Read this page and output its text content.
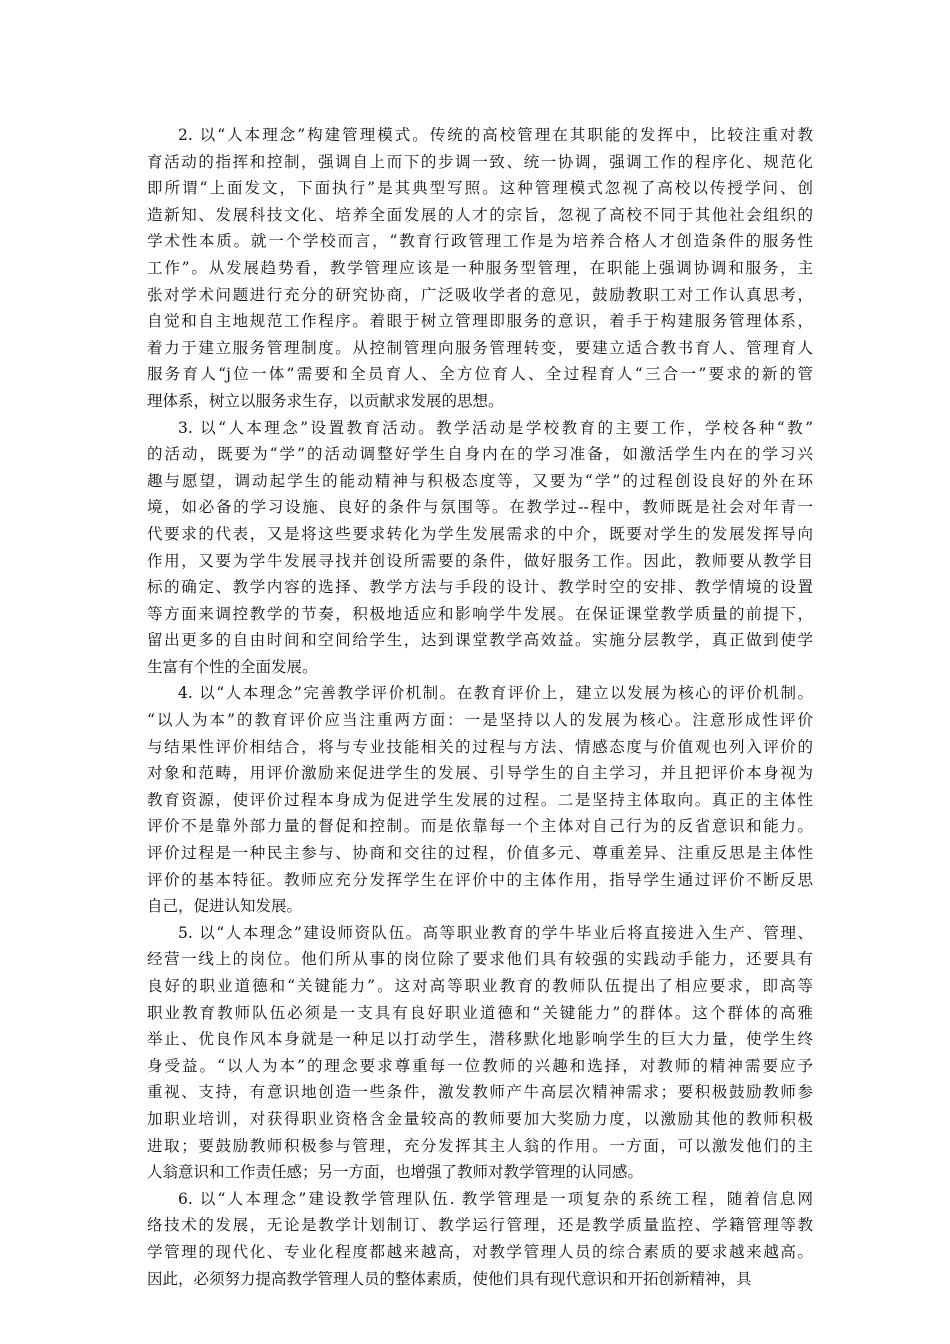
2. 以“人本理念”构建管理模式。传统的高校管理在其职能的发挥中，比较注重对教
育活动的指挥和控制，强调自上而下的步调一致、统一协调，强调工作的程序化、规范化
即所谓“上面发文，下面执行”是其典型写照。这种管理模式忽视了高校以传授学问、创
造新知、发展科技文化、培养全面发展的人才的宗旨，忽视了高校不同于其他社会组织的
学术性本质。就一个学校而言，“教育行政管理工作是为培养合格人才创造条件的服务性
工作”。从发展趋势看，教学管理应该是一种服务型管理，在职能上强调协调和服务，主
张对学术问题进行充分的研究协商，广泛吸收学者的意见，鼓励教职工对工作认真思考，
自觉和自主地规范工作程序。着眼于树立管理即服务的意识，着手于构建服务管理体系，
着力于建立服务管理制度。从控制管理向服务管理转变，要建立适合教书育人、管理育人
服务育人“j位一体”需要和全员育人、全方位育人、全过程育人“三合一”要求的新的管
理体系，树立以服务求生存，以贡献求发展的思想。
3. 以“人本理念”设置教育活动。教学活动是学校教育的主要工作，学校各种“教”
的活动，既要为“学”的活动调整好学生自身内在的学习准备，如激活学生内在的学习兴
趣与愿望，调动起学生的能动精神与积极态度等，又要为“学”的过程创设良好的外在环
境，如必备的学习设施、良好的条件与氛围等。在教学过--程中，教师既是社会对年青一
代要求的代表，又是将这些要求转化为学生发展需求的中介，既要对学生的发展发挥导向
作用，又要为学牛发展寻找并创设所需要的条件，做好服务工作。因此，教师要从教学目
标的确定、教学内容的选择、教学方法与手段的设计、教学时空的安排、教学情境的设置
等方面来调控教学的节奏，积极地适应和影响学牛发展。在保证课堂教学质量的前提下，
留出更多的自由时间和空间给学生，达到课堂教学高效益。实施分层教学，真正做到使学
生富有个性的全面发展。
4. 以“人本理念”完善教学评价机制。在教育评价上，建立以发展为核心的评价机制。
“以人为本”的教育评价应当注重两方面：一是坚持以人的发展为核心。注意形成性评价
与结果性评价相结合，将与专业技能相关的过程与方法、情感态度与价值观也列入评价的
对象和范畴，用评价激励来促进学生的发展、引导学生的自主学习，并且把评价本身视为
教育资源，使评价过程本身成为促进学生发展的过程。二是坚持主体取向。真正的主体性
评价不是靠外部力量的督促和控制。而是依靠每一个主体对自己行为的反省意识和能力。
评价过程是一种民主参与、协商和交往的过程，价值多元、尊重差异、注重反思是主体性
评价的基本特征。教师应充分发挥学生在评价中的主体作用，指导学生通过评价不断反思
自己，促进认知发展。
5. 以“人本理念”建设师资队伍。高等职业教育的学牛毕业后将直接进入生产、管理、
经营一线上的岗位。他们所从事的岗位除了要求他们具有较强的实践动手能力，还要具有
良好的职业道德和“关键能力”。这对高等职业教育的教师队伍提出了相应要求，即高等
职业教育教师队伍必须是一支具有良好职业道德和“关键能力”的群体。这个群体的高雅
举止、优良作风本身就是一种足以打动学生，潜移默化地影响学生的巨大力量，使学生终
身受益。“以人为本”的理念要求尊重每一位教师的兴趣和选择，对教师的精神需要应予
重视、支持，有意识地创造一些条件，激发教师产牛高层次精神需求；要积极鼓励教师参
加职业培训，对获得职业资格含金量较高的教师要加大奖励力度，以激励其他的教师积极
进取；要鼓励教师积极参与管理，充分发挥其主人翁的作用。一方面，可以激发他们的主
人翁意识和工作责任感；另一方面，也增强了教师对教学管理的认同感。
6. 以“人本理念”建设教学管理队伍. 教学管理是一项复杂的系统工程，随着信息网
络技术的发展，无论是教学计划制订、教学运行管理，还是教学质量监控、学籍管理等教
学管理的现代化、专业化程度都越来越高，对教学管理人员的综合素质的要求越来越高。
因此，必须努力提高教学管理人员的整体素质，使他们具有现代意识和开拓创新精神，具
